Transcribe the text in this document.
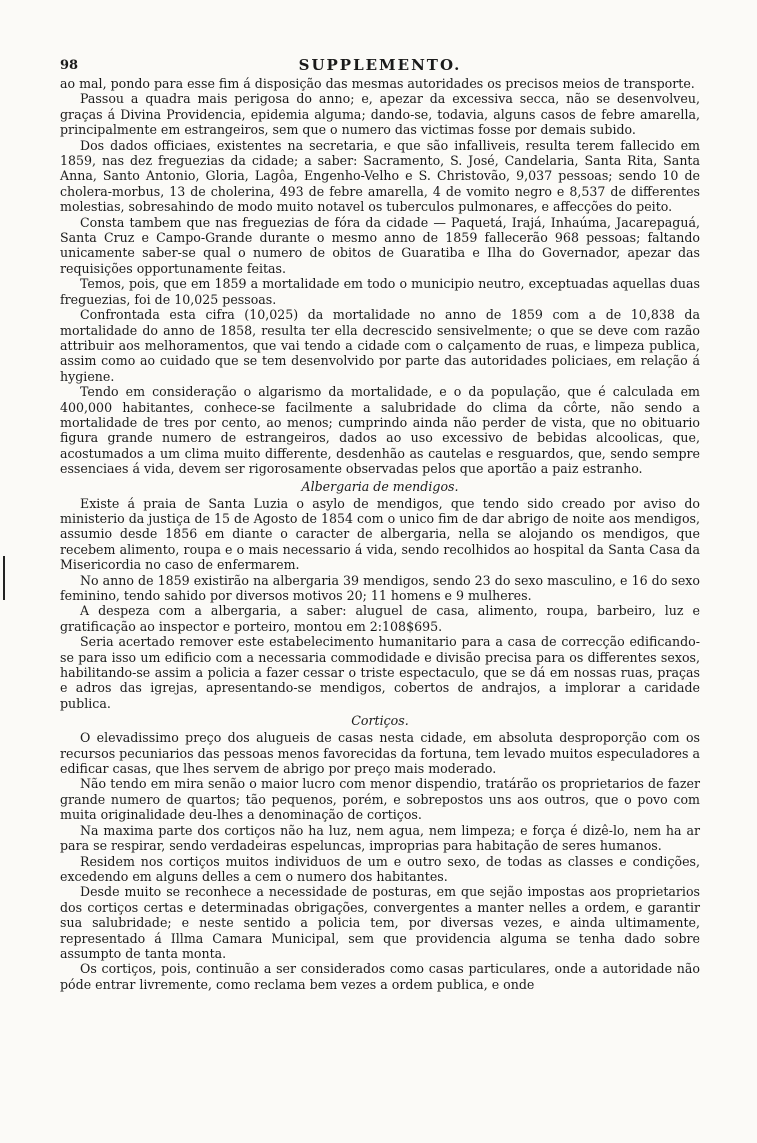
98	SUPPLEMENTO.

ao mal, pondo para esse fim á disposição das mesmas autoridades os precisos meios de transporte.

Passou a quadra mais perigosa do anno; e, apezar da excessiva secca, não se desenvolveu, graças á Divina Providencia, epidemia alguma; dando-se, todavia, alguns casos de febre amarella, principalmente em estrangeiros, sem que o numero das victimas fosse por demais subido.

Dos dados officiaes, existentes na secretaria, e que são infalliveis, resulta terem fallecido em 1859, nas dez freguezias da cidade; a saber: Sacramento, S. José, Candelaria, Santa Rita, Santa Anna, Santo Antonio, Gloria, Lagôa, Engenho-Velho e S. Christovão, 9,037 pessoas; sendo 10 de cholera-morbus, 13 de cholerina, 493 de febre amarella, 4 de vomito negro e 8,537 de differentes molestias, sobresahindo de modo muito notavel os tuberculos pulmonares, e affecções do peito.

Consta tambem que nas freguezias de fóra da cidade — Paquetá, Irajá, Inhaúma, Jacarepaguá, Santa Cruz e Campo-Grande durante o mesmo anno de 1859 fallecerão 968 pessoas; faltando unicamente saber-se qual o numero de obitos de Guaratiba e Ilha do Governador, apezar das requisições opportunamente feitas.

Temos, pois, que em 1859 a mortalidade em todo o municipio neutro, exceptuadas aquellas duas freguezias, foi de 10,025 pessoas.

Confrontada esta cifra (10,025) da mortalidade no anno de 1859 com a de 10,838 da mortalidade do anno de 1858, resulta ter ella decrescido sensivelmente; o que se deve com razão attribuir aos melhoramentos, que vai tendo a cidade com o calçamento de ruas, e limpeza publica, assim como ao cuidado que se tem desenvolvido por parte das autoridades policiaes, em relação á hygiene.

Tendo em consideração o algarismo da mortalidade, e o da população, que é calculada em 400,000 habitantes, conhece-se facilmente a salubridade do clima da côrte, não sendo a mortalidade de tres por cento, ao menos; cumprindo ainda não perder de vista, que no obituario figura grande numero de estrangeiros, dados ao uso excessivo de bebidas alcoolicas, que, acostumados a um clima muito differente, desdenhão as cautelas e resguardos, que, sendo sempre essenciaes á vida, devem ser rigorosamente observadas pelos que aportão a paiz estranho.

Albergaria de mendigos.

Existe á praia de Santa Luzia o asylo de mendigos, que tendo sido creado por aviso do ministerio da justiça de 15 de Agosto de 1854 com o unico fim de dar abrigo de noite aos mendigos, assumio desde 1856 em diante o caracter de albergaria, nella se alojando os mendigos, que recebem alimento, roupa e o mais necessario á vida, sendo recolhidos ao hospital da Santa Casa da Misericordia no caso de enfermarem.

No anno de 1859 existirão na albergaria 39 mendigos, sendo 23 do sexo masculino, e 16 do sexo feminino, tendo sahido por diversos motivos 20; 11 homens e 9 mulheres.

A despeza com a albergaria, a saber: aluguel de casa, alimento, roupa, barbeiro, luz e gratificação ao inspector e porteiro, montou em 2:108$695.

Seria acertado remover este estabelecimento humanitario para a casa de correcção edificando-se para isso um edificio com a necessaria commodidade e divisão precisa para os differentes sexos, habilitando-se assim a policia a fazer cessar o triste espectaculo, que se dá em nossas ruas, praças e adros das igrejas, apresentando-se mendigos, cobertos de andrajos, a implorar a caridade publica.

Cortiços.

O elevadissimo preço dos alugueis de casas nesta cidade, em absoluta desproporção com os recursos pecuniarios das pessoas menos favorecidas da fortuna, tem levado muitos especuladores a edificar casas, que lhes servem de abrigo por preço mais moderado.

Não tendo em mira senão o maior lucro com menor dispendio, tratárão os proprietarios de fazer grande numero de quartos; tão pequenos, porém, e sobrepostos uns aos outros, que o povo com muita originalidade deu-lhes a denominação de cortiços.

Na maxima parte dos cortiços não ha luz, nem agua, nem limpeza; e força é dizê-lo, nem ha ar para se respirar, sendo verdadeiras espeluncas, improprias para habitação de seres humanos.

Residem nos cortiços muitos individuos de um e outro sexo, de todas as classes e condições, excedendo em alguns delles a cem o numero dos habitantes.

Desde muito se reconhece a necessidade de posturas, em que sejão impostas aos proprietarios dos cortiços certas e determinadas obrigações, convergentes a manter nelles a ordem, e garantir sua salubridade; e neste sentido a policia tem, por diversas vezes, e ainda ultimamente, representado á Illma Camara Municipal, sem que providencia alguma se tenha dado sobre assumpto de tanta monta.

Os cortiços, pois, continuão a ser considerados como casas particulares, onde a autoridade não póde entrar livremente, como reclama bem vezes a ordem publica, e onde
